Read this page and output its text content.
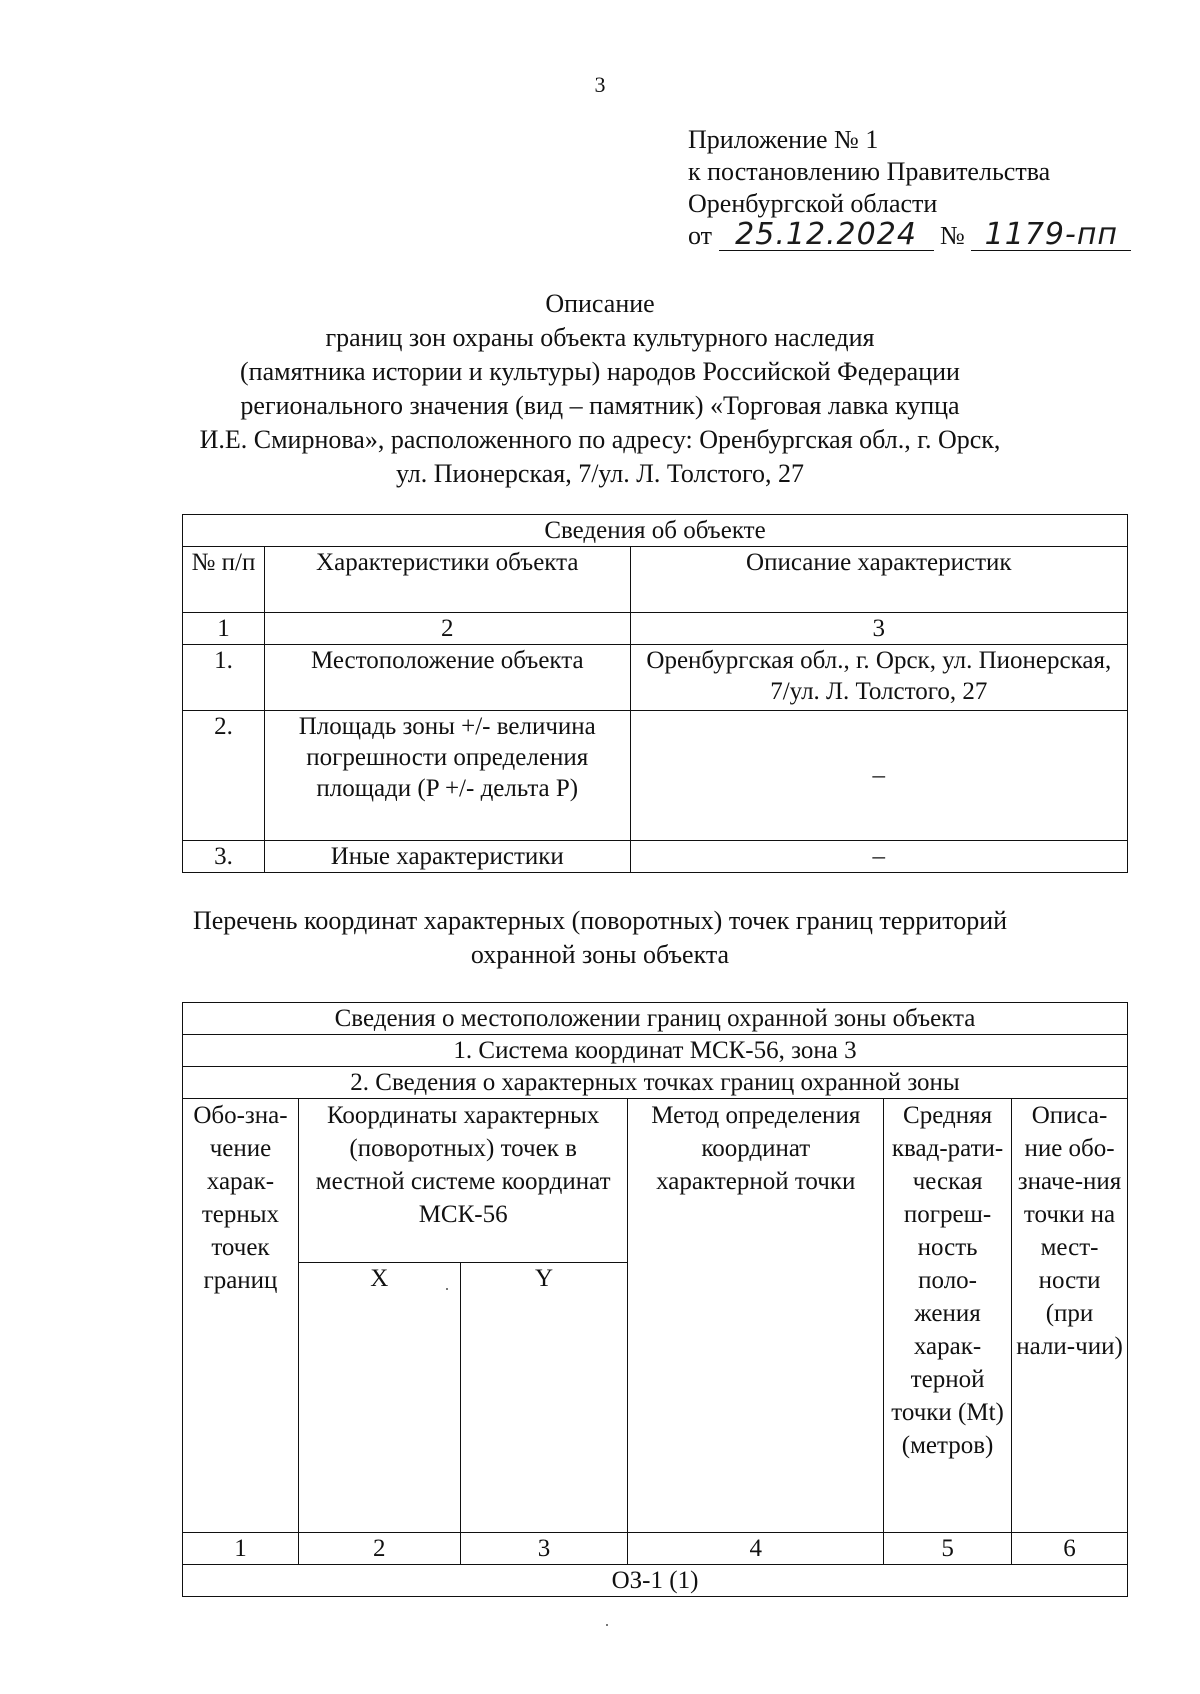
3
Приложение № 1
к постановлению Правительства
Оренбургской области
от 25.12.2024 № 1179-пп
Описание
границ зон охраны объекта культурного наследия
(памятника истории и культуры) народов Российской Федерации
регионального значения (вид – памятник) «Торговая лавка купца
И.Е. Смирнова», расположенного по адресу: Оренбургская обл., г. Орск,
ул. Пионерская, 7/ул. Л. Толстого, 27
Сведения об объекте		
№ п/п	Характеристики объекта	Описание характеристик
1	2	3
1.	Местоположение объекта	Оренбургская обл., г. Орск, ул. Пионерская, 7/ул. Л. Толстого, 27
2.	Площадь зоны +/- величина погрешности определения площади (P +/- дельта P)	–
3.	Иные характеристики	–
Перечень координат характерных (поворотных) точек границ территорий
охранной зоны объекта
Сведения о местоположении границ охранной зоны объекта					
1. Система координат МСК-56, зона 3					
2. Сведения о характерных точках границ охранной зоны					
Обо-зна-чение харак-терных точек границ	Координаты характерных (поворотных) точек в местной системе координат МСК-56		Метод определения координат характерной точки	Средняя квад-рати-ческая погреш-ность поло-жения харак-терной точки (Mt) (метров)	Описа-ние обо-значе-ния точки на мест-ности (при нали-чии)
	X	Y			
1	2	3	4	5	6
ОЗ-1 (1)					
